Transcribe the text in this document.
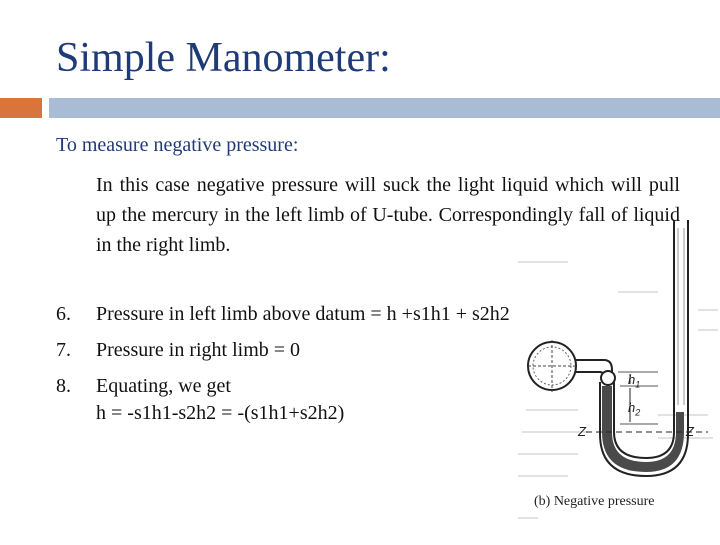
Simple Manometer:
To measure negative pressure:
In this case negative pressure will suck the light liquid which will pull up the mercury in the left limb of U-tube. Correspondingly fall of liquid in the right limb.
$h_1$
$h_2$
Z	Z
(b) Negative pressure
6.	Pressure in left limb above datum = h +s1h1 + s2h2
7.	Pressure in right limb = 0
8.	Equating, we get
h = -s1h1-s2h2 = -(s1h1+s2h2)
